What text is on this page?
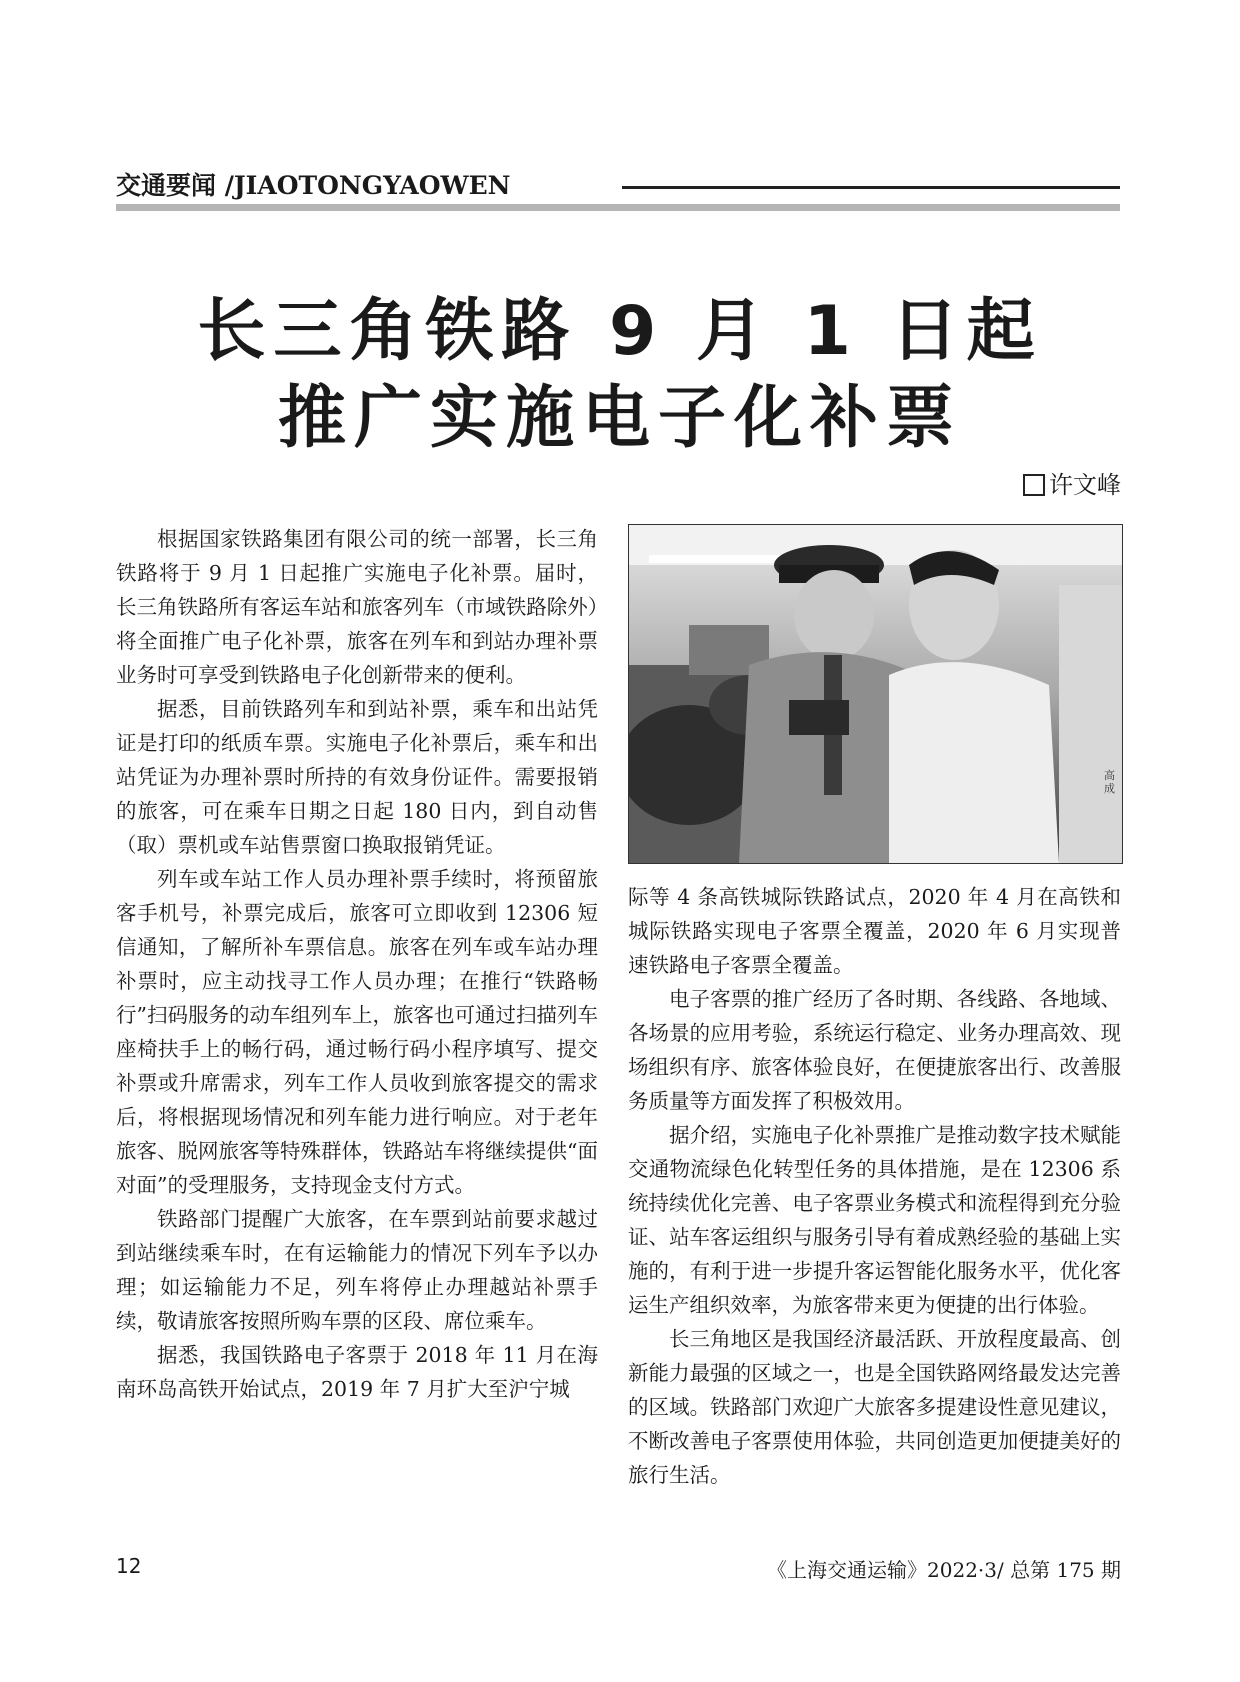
交通要闻 /JIAOTONGYAOWEN
长三角铁路 9 月 1 日起
推广实施电子化补票
许文峰

根据国家铁路集团有限公司的统一部署，长三角铁路将于 9 月 1 日起推广实施电子化补票。届时，长三角铁路所有客运车站和旅客列车（市域铁路除外）将全面推广电子化补票，旅客在列车和到站办理补票业务时可享受到铁路电子化创新带来的便利。

据悉，目前铁路列车和到站补票，乘车和出站凭证是打印的纸质车票。实施电子化补票后，乘车和出站凭证为办理补票时所持的有效身份证件。需要报销的旅客，可在乘车日期之日起 180 日内，到自动售（取）票机或车站售票窗口换取报销凭证。

列车或车站工作人员办理补票手续时，将预留旅客手机号，补票完成后，旅客可立即收到 12306 短信通知，了解所补车票信息。旅客在列车或车站办理补票时，应主动找寻工作人员办理；在推行“铁路畅行”扫码服务的动车组列车上，旅客也可通过扫描列车座椅扶手上的畅行码，通过畅行码小程序填写、提交补票或升席需求，列车工作人员收到旅客提交的需求后，将根据现场情况和列车能力进行响应。对于老年旅客、脱网旅客等特殊群体，铁路站车将继续提供“面对面”的受理服务，支持现金支付方式。

铁路部门提醒广大旅客，在车票到站前要求越过到站继续乘车时，在有运输能力的情况下列车予以办理；如运输能力不足，列车将停止办理越站补票手续，敬请旅客按照所购车票的区段、席位乘车。

据悉，我国铁路电子客票于 2018 年 11 月在海南环岛高铁开始试点，2019 年 7 月扩大至沪宁城

高成

际等 4 条高铁城际铁路试点，2020 年 4 月在高铁和城际铁路实现电子客票全覆盖，2020 年 6 月实现普速铁路电子客票全覆盖。

电子客票的推广经历了各时期、各线路、各地域、各场景的应用考验，系统运行稳定、业务办理高效、现场组织有序、旅客体验良好，在便捷旅客出行、改善服务质量等方面发挥了积极效用。

据介绍，实施电子化补票推广是推动数字技术赋能交通物流绿色化转型任务的具体措施，是在 12306 系统持续优化完善、电子客票业务模式和流程得到充分验证、站车客运组织与服务引导有着成熟经验的基础上实施的，有利于进一步提升客运智能化服务水平，优化客运生产组织效率，为旅客带来更为便捷的出行体验。

长三角地区是我国经济最活跃、开放程度最高、创新能力最强的区域之一，也是全国铁路网络最发达完善的区域。铁路部门欢迎广大旅客多提建设性意见建议，不断改善电子客票使用体验，共同创造更加便捷美好的旅行生活。

12	《上海交通运输》2022·3/ 总第 175 期
